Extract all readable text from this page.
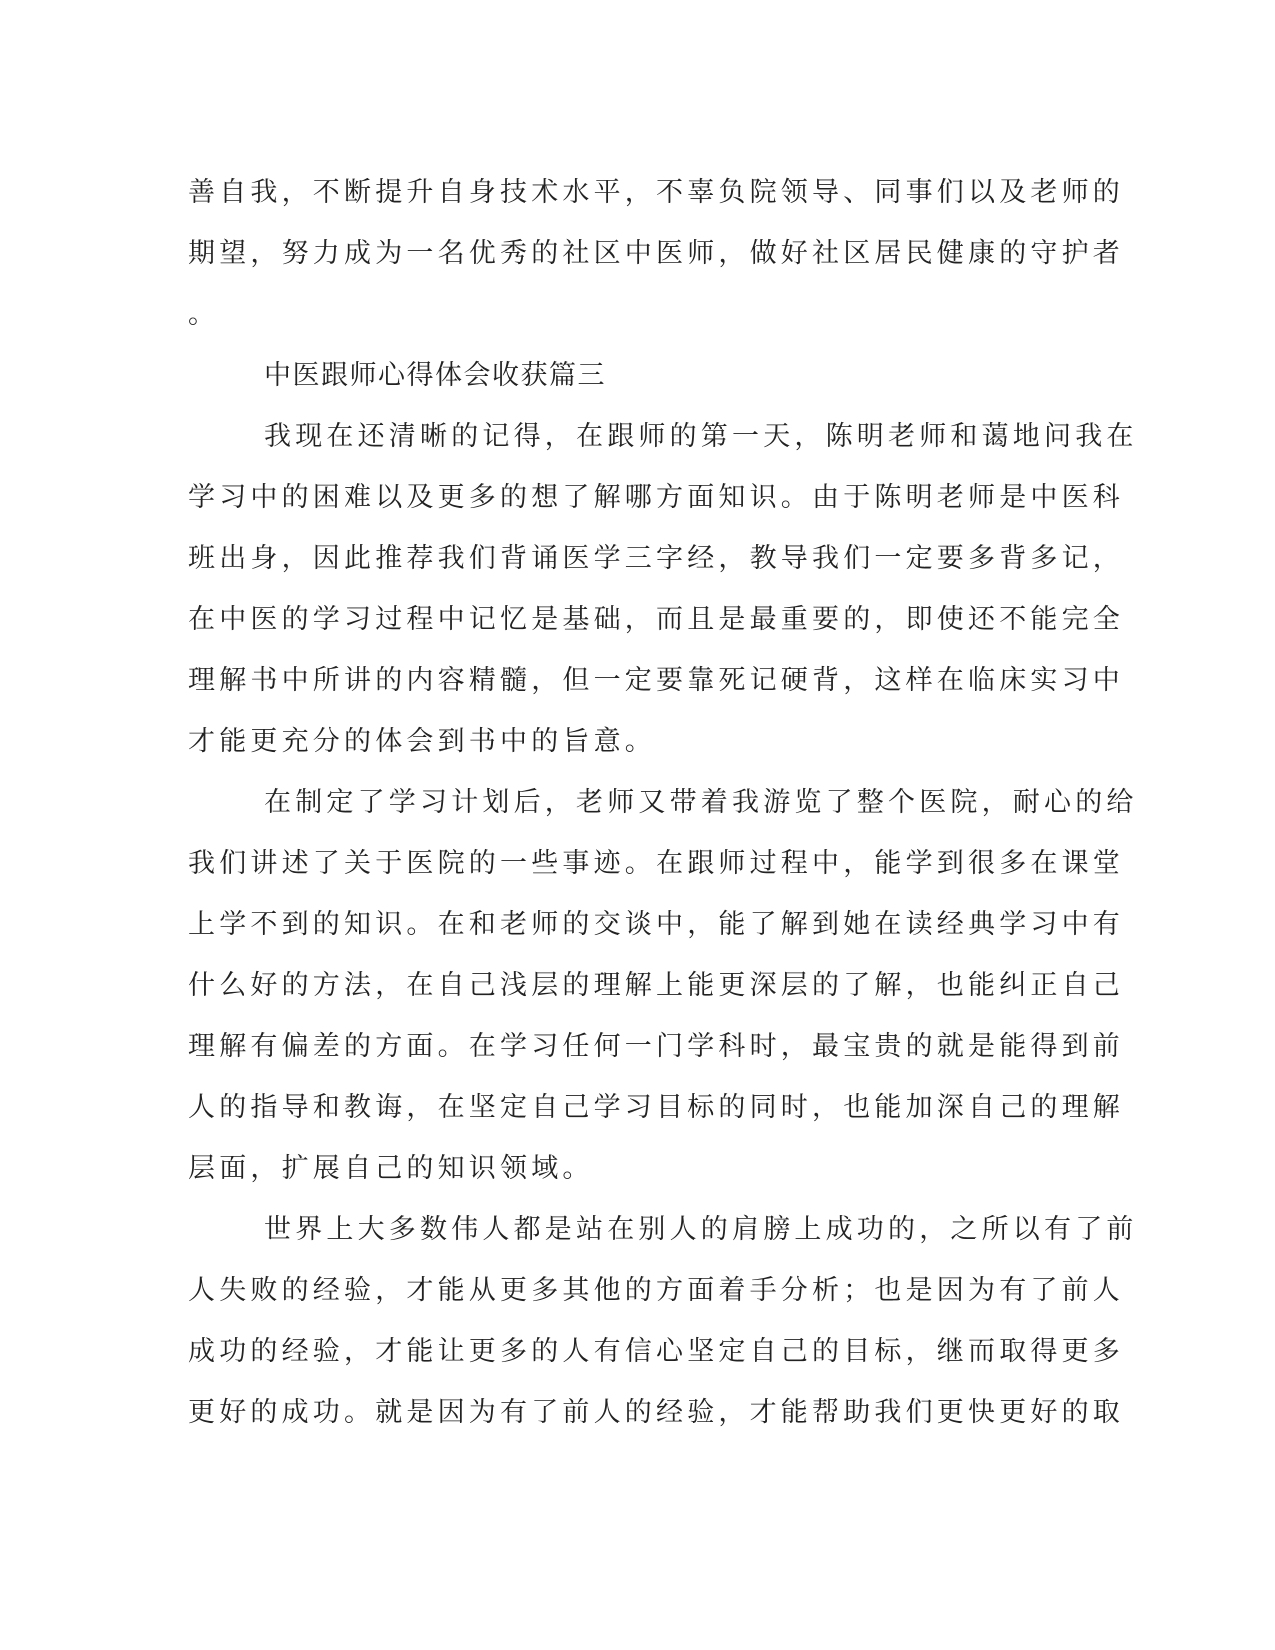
善自我，不断提升自身技术水平，不辜负院领导、同事们以及老师的
期望，努力成为一名优秀的社区中医师，做好社区居民健康的守护者
。
中医跟师心得体会收获篇三
我现在还清晰的记得，在跟师的第一天，陈明老师和蔼地问我在
学习中的困难以及更多的想了解哪方面知识。由于陈明老师是中医科
班出身，因此推荐我们背诵医学三字经，教导我们一定要多背多记，
在中医的学习过程中记忆是基础，而且是最重要的，即使还不能完全
理解书中所讲的内容精髓，但一定要靠死记硬背，这样在临床实习中
才能更充分的体会到书中的旨意。
在制定了学习计划后，老师又带着我游览了整个医院，耐心的给
我们讲述了关于医院的一些事迹。在跟师过程中，能学到很多在课堂
上学不到的知识。在和老师的交谈中，能了解到她在读经典学习中有
什么好的方法，在自己浅层的理解上能更深层的了解，也能纠正自己
理解有偏差的方面。在学习任何一门学科时，最宝贵的就是能得到前
人的指导和教诲，在坚定自己学习目标的同时，也能加深自己的理解
层面，扩展自己的知识领域。
世界上大多数伟人都是站在别人的肩膀上成功的，之所以有了前
人失败的经验，才能从更多其他的方面着手分析；也是因为有了前人
成功的经验，才能让更多的人有信心坚定自己的目标，继而取得更多
更好的成功。就是因为有了前人的经验，才能帮助我们更快更好的取
